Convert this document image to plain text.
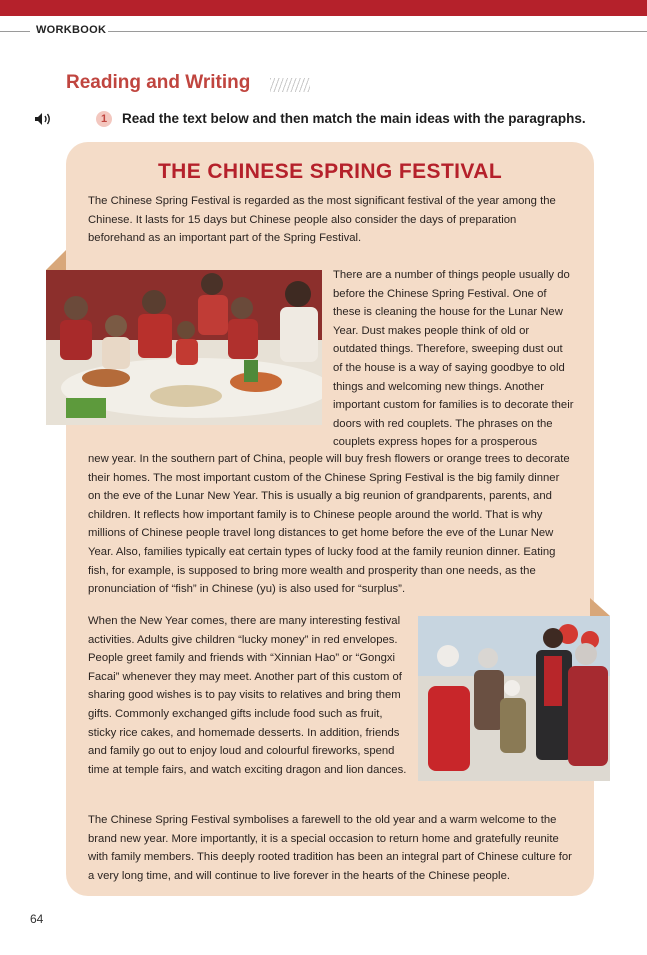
WORKBOOK
Reading and Writing
1	Read the text below and then match the main ideas with the paragraphs.
THE CHINESE SPRING FESTIVAL

The Chinese Spring Festival is regarded as the most significant festival of the year among the Chinese. It lasts for 15 days but Chinese people also consider the days of preparation beforehand as an important part of the Spring Festival.

There are a number of things people usually do before the Chinese Spring Festival. One of these is cleaning the house for the Lunar New Year. Dust makes people think of old or outdated things. Therefore, sweeping dust out of the house is a way of saying goodbye to old things and welcoming new things. Another important custom for families is to decorate their doors with red couplets. The phrases on the couplets express hopes for a prosperous

new year. In the southern part of China, people will buy fresh flowers or orange trees to decorate their homes. The most important custom of the Chinese Spring Festival is the big family dinner on the eve of the Lunar New Year. This is usually a big reunion of grandparents, parents, and children. It reflects how important family is to Chinese people around the world. That is why millions of Chinese people travel long distances to get home before the eve of the Lunar New Year. Also, families typically eat certain types of lucky food at the family reunion dinner. Eating fish, for example, is supposed to bring more wealth and prosperity than one needs, as the pronunciation of “fish” in Chinese (yu) is also used for “surplus”.

When the New Year comes, there are many interesting festival activities. Adults give children “lucky money” in red envelopes. People greet family and friends with “Xinnian Hao” or “Gongxi Facai” whenever they may meet. Another part of this custom of sharing good wishes is to pay visits to relatives and bring them gifts. Commonly exchanged gifts include food such as fruit, sticky rice cakes, and homemade desserts. In addition, friends and family go out to enjoy loud and colourful fireworks, spend time at temple fairs, and watch exciting dragon and lion dances.

The Chinese Spring Festival symbolises a farewell to the old year and a warm welcome to the brand new year. More importantly, it is a special occasion to return home and gratefully reunite with family members. This deeply rooted tradition has been an integral part of Chinese culture for a very long time, and will continue to live forever in the hearts of the Chinese people.

64
